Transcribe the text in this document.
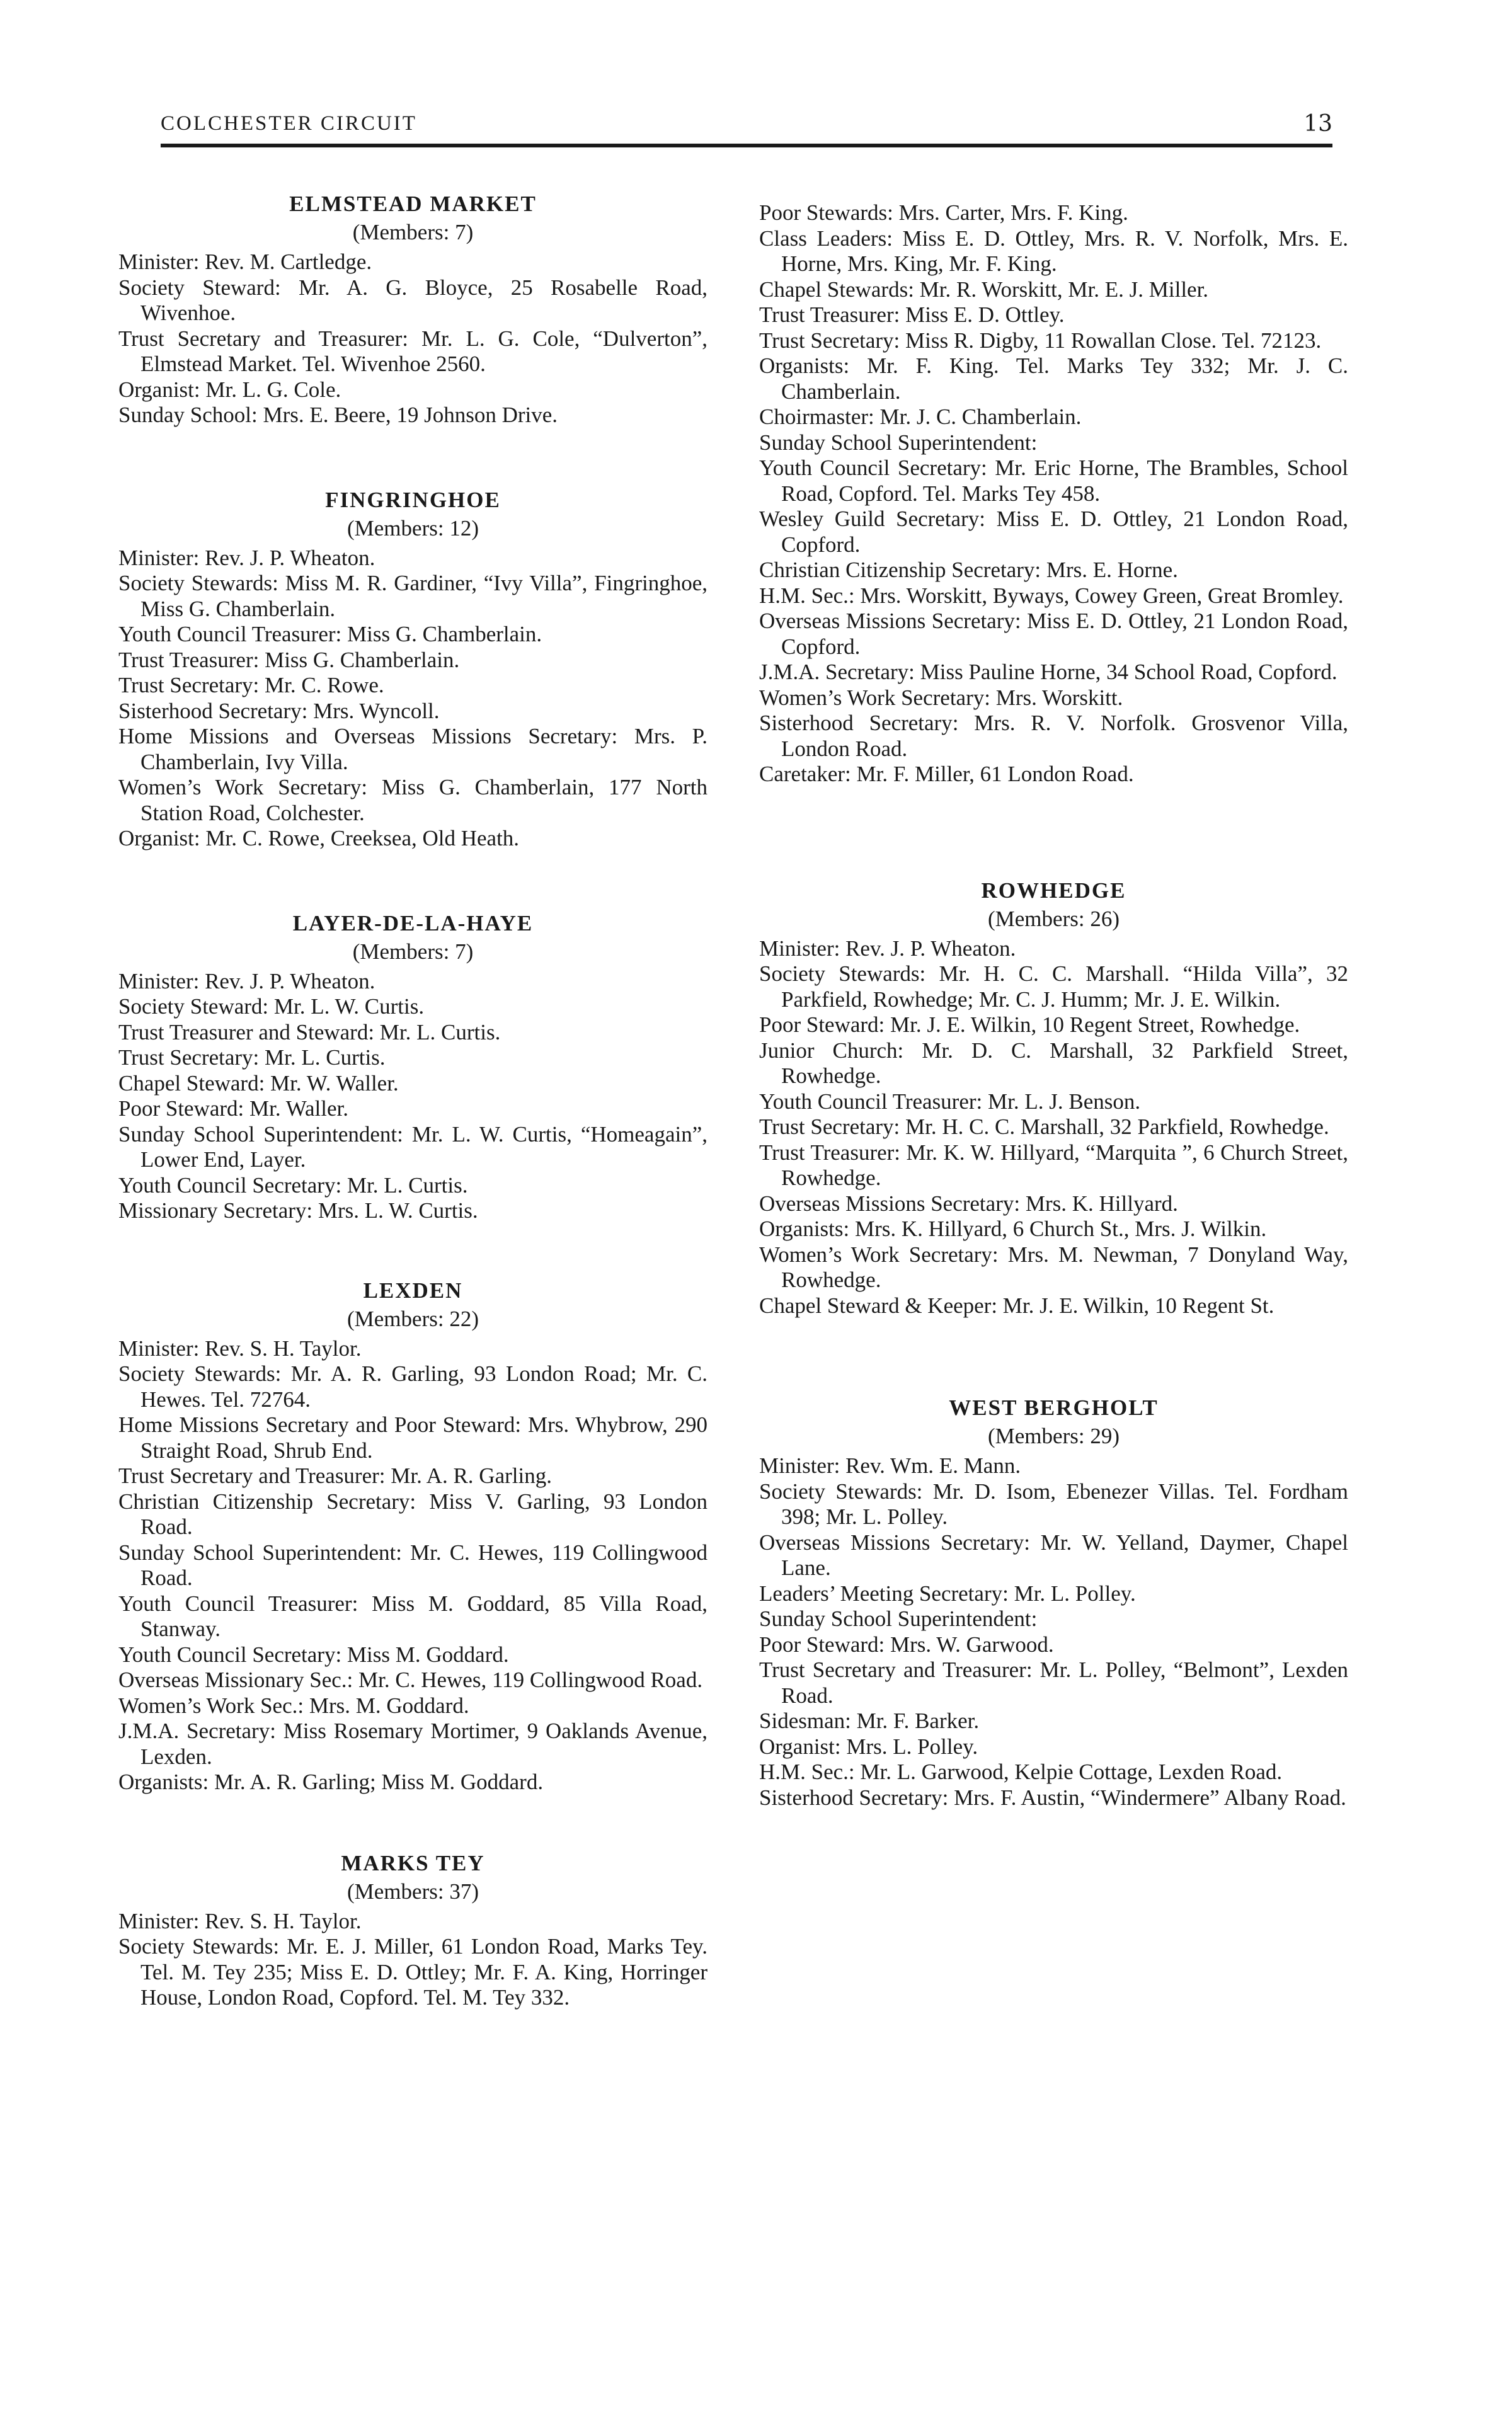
COLCHESTER CIRCUIT	13
ELMSTEAD MARKET
(Members: 7)

Minister: Rev. M. Cartledge.

Society Steward: Mr. A. G. Bloyce, 25 Rosabelle Road, Wivenhoe.

Trust Secretary and Treasurer: Mr. L. G. Cole, “Dulverton”, Elmstead Market. Tel. Wivenhoe 2560.

Organist: Mr. L. G. Cole.

Sunday School: Mrs. E. Beere, 19 Johnson Drive.

FINGRINGHOE
(Members: 12)

Minister: Rev. J. P. Wheaton.

Society Stewards: Miss M. R. Gardiner, “Ivy Villa”, Fingringhoe, Miss G. Chamberlain.

Youth Council Treasurer: Miss G. Chamberlain.

Trust Treasurer: Miss G. Chamberlain.

Trust Secretary: Mr. C. Rowe.

Sisterhood Secretary: Mrs. Wyncoll.

Home Missions and Overseas Missions Secretary: Mrs. P. Chamberlain, Ivy Villa.

Women’s Work Secretary: Miss G. Chamberlain, 177 North Station Road, Colchester.

Organist: Mr. C. Rowe, Creeksea, Old Heath.

LAYER-DE-LA-HAYE
(Members: 7)

Minister: Rev. J. P. Wheaton.

Society Steward: Mr. L. W. Curtis.

Trust Treasurer and Steward: Mr. L. Curtis.

Trust Secretary: Mr. L. Curtis.

Chapel Steward: Mr. W. Waller.

Poor Steward: Mr. Waller.

Sunday School Superintendent: Mr. L. W. Curtis, “Homeagain”, Lower End, Layer.

Youth Council Secretary: Mr. L. Curtis.

Missionary Secretary: Mrs. L. W. Curtis.

LEXDEN
(Members: 22)

Minister: Rev. S. H. Taylor.

Society Stewards: Mr. A. R. Garling, 93 London Road; Mr. C. Hewes. Tel. 72764.

Home Missions Secretary and Poor Steward: Mrs. Whybrow, 290 Straight Road, Shrub End.

Trust Secretary and Treasurer: Mr. A. R. Garling.

Christian Citizenship Secretary: Miss V. Garling, 93 London Road.

Sunday School Superintendent: Mr. C. Hewes, 119 Collingwood Road.

Youth Council Treasurer: Miss M. Goddard, 85 Villa Road, Stanway.

Youth Council Secretary: Miss M. Goddard.

Overseas Missionary Sec.: Mr. C. Hewes, 119 Collingwood Road.

Women’s Work Sec.: Mrs. M. Goddard.

J.M.A. Secretary: Miss Rosemary Mortimer, 9 Oaklands Avenue, Lexden.

Organists: Mr. A. R. Garling; Miss M. Goddard.

MARKS TEY
(Members: 37)

Minister: Rev. S. H. Taylor.

Society Stewards: Mr. E. J. Miller, 61 London Road, Marks Tey. Tel. M. Tey 235; Miss E. D. Ottley; Mr. F. A. King, Horringer House, London Road, Copford. Tel. M. Tey 332.

Poor Stewards: Mrs. Carter, Mrs. F. King.

Class Leaders: Miss E. D. Ottley, Mrs. R. V. Norfolk, Mrs. E. Horne, Mrs. King, Mr. F. King.

Chapel Stewards: Mr. R. Worskitt, Mr. E. J. Miller.

Trust Treasurer: Miss E. D. Ottley.

Trust Secretary: Miss R. Digby, 11 Rowallan Close. Tel. 72123.

Organists: Mr. F. King. Tel. Marks Tey 332; Mr. J. C. Chamberlain.

Choirmaster: Mr. J. C. Chamberlain.

Sunday School Superintendent:

Youth Council Secretary: Mr. Eric Horne, The Brambles, School Road, Copford. Tel. Marks Tey 458.

Wesley Guild Secretary: Miss E. D. Ottley, 21 London Road, Copford.

Christian Citizenship Secretary: Mrs. E. Horne.

H.M. Sec.: Mrs. Worskitt, Byways, Cowey Green, Great Bromley.

Overseas Missions Secretary: Miss E. D. Ottley, 21 London Road, Copford.

J.M.A. Secretary: Miss Pauline Horne, 34 School Road, Copford.

Women’s Work Secretary: Mrs. Worskitt.

Sisterhood Secretary: Mrs. R. V. Norfolk. Grosvenor Villa, London Road.

Caretaker: Mr. F. Miller, 61 London Road.

ROWHEDGE
(Members: 26)

Minister: Rev. J. P. Wheaton.

Society Stewards: Mr. H. C. C. Marshall. “Hilda Villa”, 32 Parkfield, Rowhedge; Mr. C. J. Humm; Mr. J. E. Wilkin.

Poor Steward: Mr. J. E. Wilkin, 10 Regent Street, Rowhedge.

Junior Church: Mr. D. C. Marshall, 32 Parkfield Street, Rowhedge.

Youth Council Treasurer: Mr. L. J. Benson.

Trust Secretary: Mr. H. C. C. Marshall, 32 Parkfield, Rowhedge.

Trust Treasurer: Mr. K. W. Hillyard, “Marquita ”, 6 Church Street, Rowhedge.

Overseas Missions Secretary: Mrs. K. Hillyard.

Organists: Mrs. K. Hillyard, 6 Church St., Mrs. J. Wilkin.

Women’s Work Secretary: Mrs. M. Newman, 7 Donyland Way, Rowhedge.

Chapel Steward & Keeper: Mr. J. E. Wilkin, 10 Regent St.

WEST BERGHOLT
(Members: 29)

Minister: Rev. Wm. E. Mann.

Society Stewards: Mr. D. Isom, Ebenezer Villas. Tel. Fordham 398; Mr. L. Polley.

Overseas Missions Secretary: Mr. W. Yelland, Daymer, Chapel Lane.

Leaders’ Meeting Secretary: Mr. L. Polley.

Sunday School Superintendent:

Poor Steward: Mrs. W. Garwood.

Trust Secretary and Treasurer: Mr. L. Polley, “Belmont”, Lexden Road.

Sidesman: Mr. F. Barker.

Organist: Mrs. L. Polley.

H.M. Sec.: Mr. L. Garwood, Kelpie Cottage, Lexden Road.

Sisterhood Secretary: Mrs. F. Austin, “Windermere” Albany Road.
